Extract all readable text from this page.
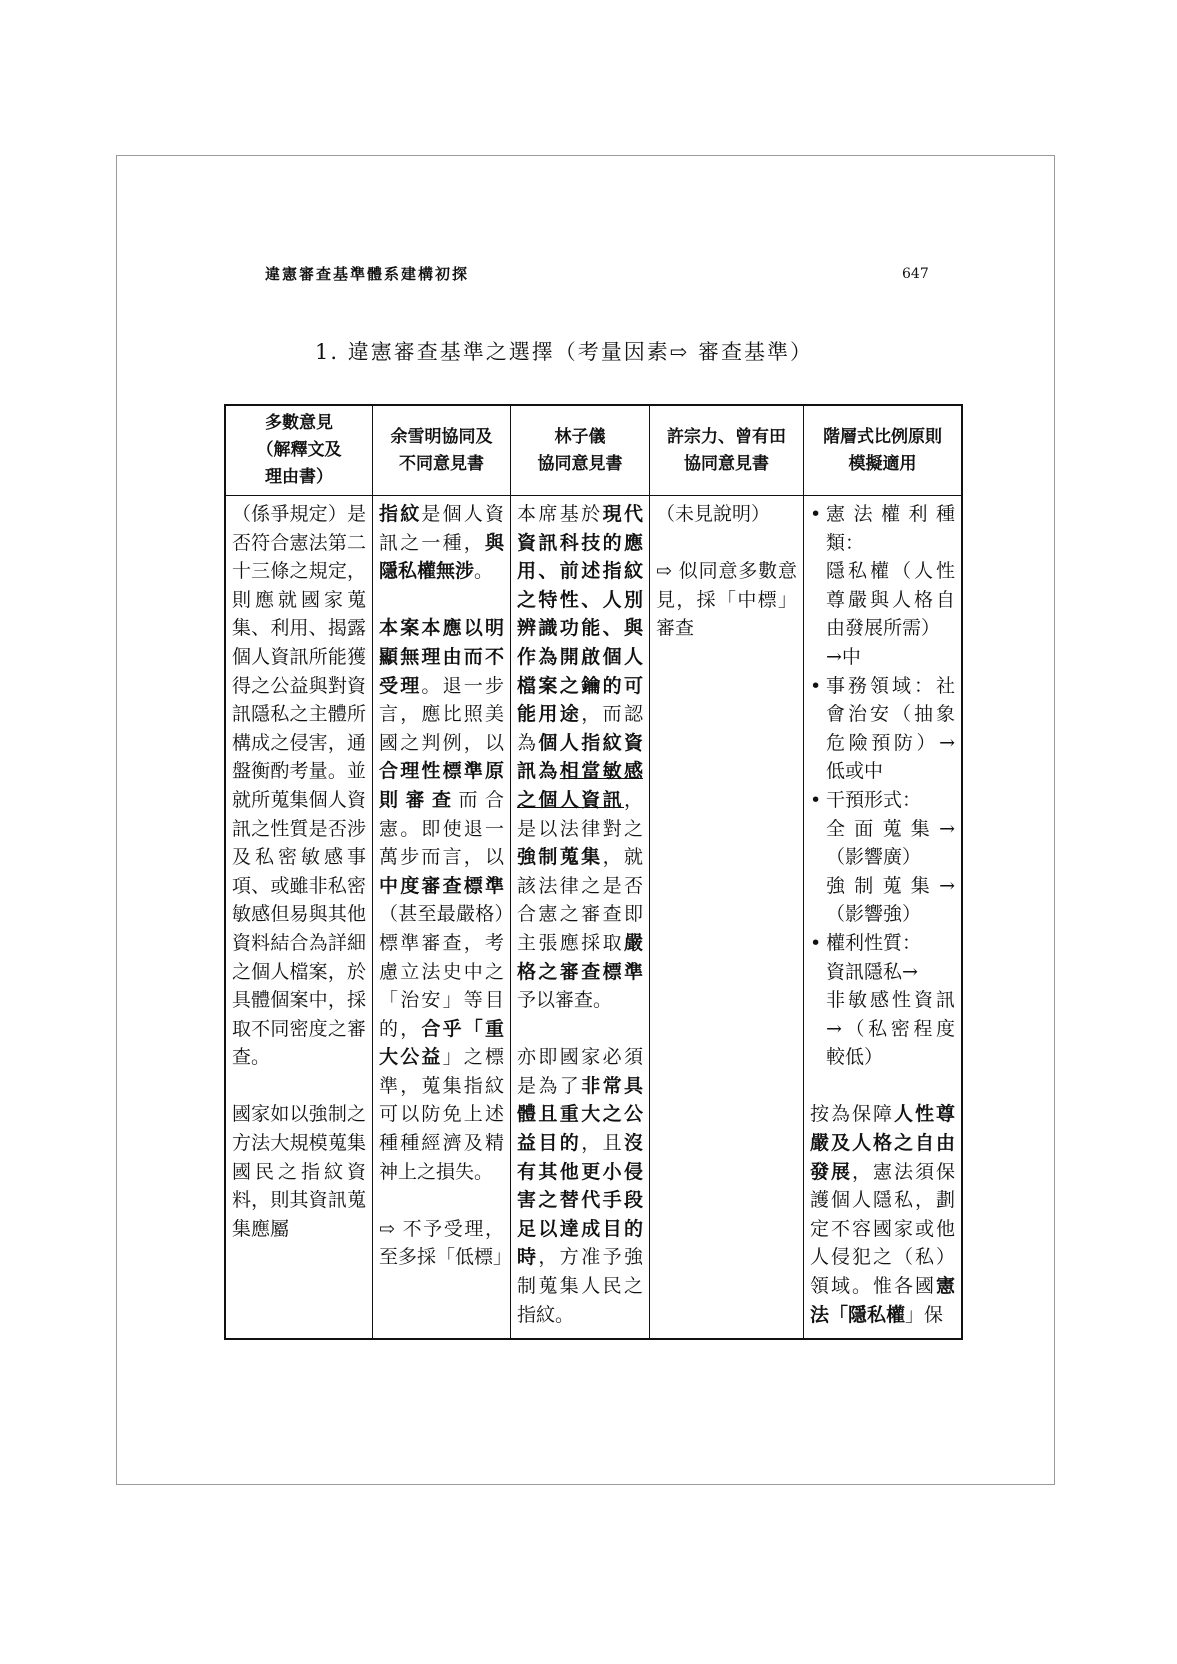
違憲審查基準體系建構初探	647
1. 違憲審查基準之選擇（考量因素⇨ 審查基準）
多數意見
（解釋文及
理由書）
余雪明協同及
不同意見書
林子儀
協同意見書
許宗力、曾有田
協同意見書
階層式比例原則
模擬適用

（係爭規定）是否符合憲法第二十三條之規定，則應就國家蒐集、利用、揭露個人資訊所能獲得之公益與對資訊隱私之主體所構成之侵害，通盤衡酌考量。並就所蒐集個人資訊之性質是否涉及私密敏感事項、或雖非私密敏感但易與其他資料結合為詳細之個人檔案，於具體個案中，採取不同密度之審查。

國家如以強制之方法大規模蒐集國民之指紋資料，則其資訊蒐集應屬

指紋是個人資訊之一種，與隱私權無涉。

本案本應以明顯無理由而不受理。退一步言，應比照美國之判例，以合理性標準原則審查而合憲。即使退一萬步而言，以中度審查標準（甚至最嚴格）標準審查，考慮立法史中之「治安」等目的，合乎「重大公益」之標準，蒐集指紋可以防免上述種種經濟及精神上之損失。

⇨ 不予受理，至多採「低標」

本席基於現代資訊科技的應用、前述指紋之特性、人別辨識功能、與作為開啟個人檔案之鑰的可能用途，而認為個人指紋資訊為相當敏感之個人資訊，是以法律對之強制蒐集，就該法律之是否合憲之審查即主張應採取嚴格之審查標準予以審查。

亦即國家必須是為了非常具體且重大之公益目的，且沒有其他更小侵害之替代手段足以達成目的時，方准予強制蒐集人民之指紋。

（未見說明）

⇨ 似同意多數意見，採「中標」審查

• 憲法權利種類：
隱私權（人性尊嚴與人格自由發展所需）
→中
• 事務領域：社會治安（抽象危險預防）→低或中
• 干預形式：
全面蒐集→（影響廣）
強制蒐集→（影響強）
• 權利性質：
資訊隱私→
非敏感性資訊→（私密程度較低）

按為保障人性尊嚴及人格之自由發展，憲法須保護個人隱私，劃定不容國家或他人侵犯之（私）領域。惟各國憲法「隱私權」保
